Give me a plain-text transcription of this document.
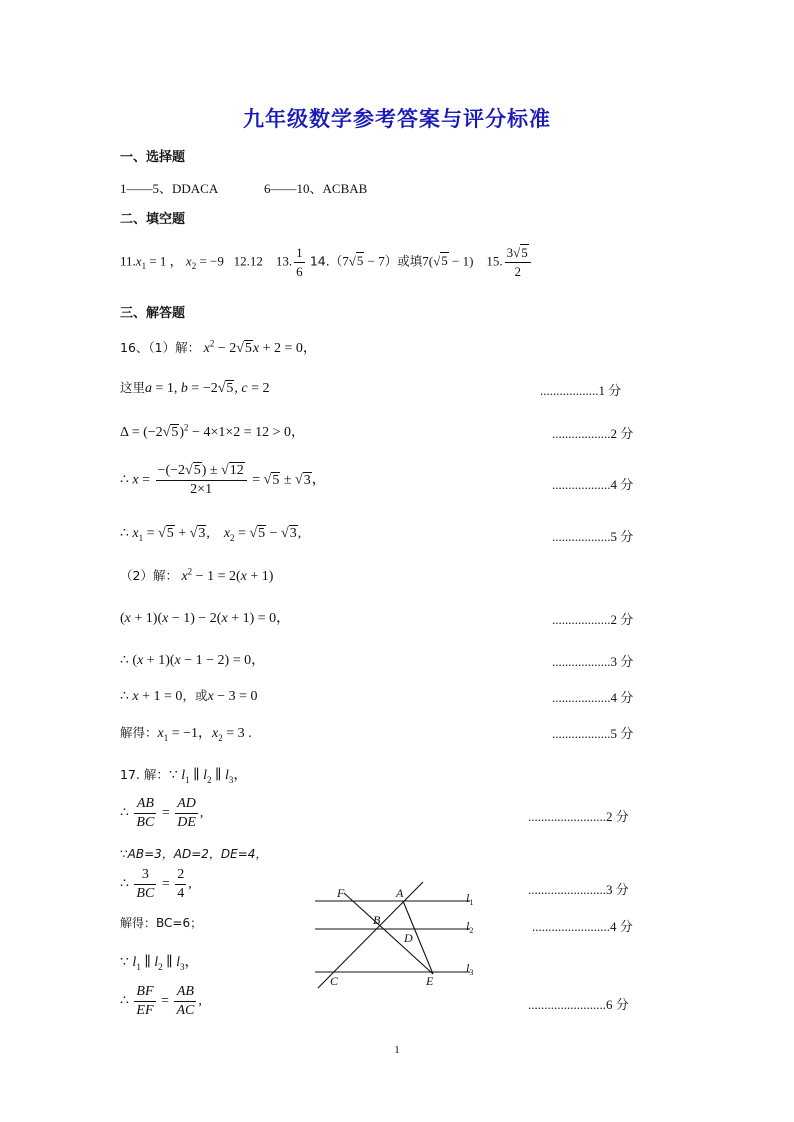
九年级数学参考答案与评分标准
一、选择题
1——5、DDACA	6——10、ACBAB
二、填空题
$11.x_1 = 1$ ， $x_2 = -9$   12.12 13. $\frac{1}{6} 14.(7√5 - 7)$或填7(√5 − 1)    15. $\frac{3√5}{2}$
三、解答题
16、（1）解： $x^2 - 2√5x + 2 = 0$，
这里a = 1, b = −2√5, c = 2	..................1 分
$\Delta = (-2√5)^2 - 4\times 1\times 2 = 12 > 0$，	..................2 分
∴ $x = \frac{-(-2√5) \pm √12}{2\times 1} = √5 \pm √3$，	..................4 分
∴ $x_1 = √5 + √3$,    $x_2 = √5 - √3$,	..................5 分
（2）解： $x^2 - 1 = 2(x + 1)$
(x + 1)(x − 1) − 2(x + 1) = 0，	..................2 分
∴ (x + 1)(x − 1 − 2) = 0，	..................3 分
∴ x + 1 = 0，或x − 3 = 0	..................4 分
解得：$x_1 = -1$，$x_2 = 3$ .	..................5 分
17. 解：∵ $l_1$ ∥ $l_2$ ∥ $l_3$，
∴ $\frac{AB}{BC} = \frac{AD}{DE}$ ,	........................2 分
∵AB=3，AD=2，DE=4，
∴ $\frac{3}{BC} = \frac{2}{4}$ ,	........................3 分
解得：BC=6；	........................4 分
∵ $l_1$ ∥ $l_2$ ∥ $l_3$，
∴ $\frac{BF}{EF} = \frac{AB}{AC}$ ,	........................6 分
F	A
B
D
C	E
$l_1$
$l_2$
$l_3$
1
